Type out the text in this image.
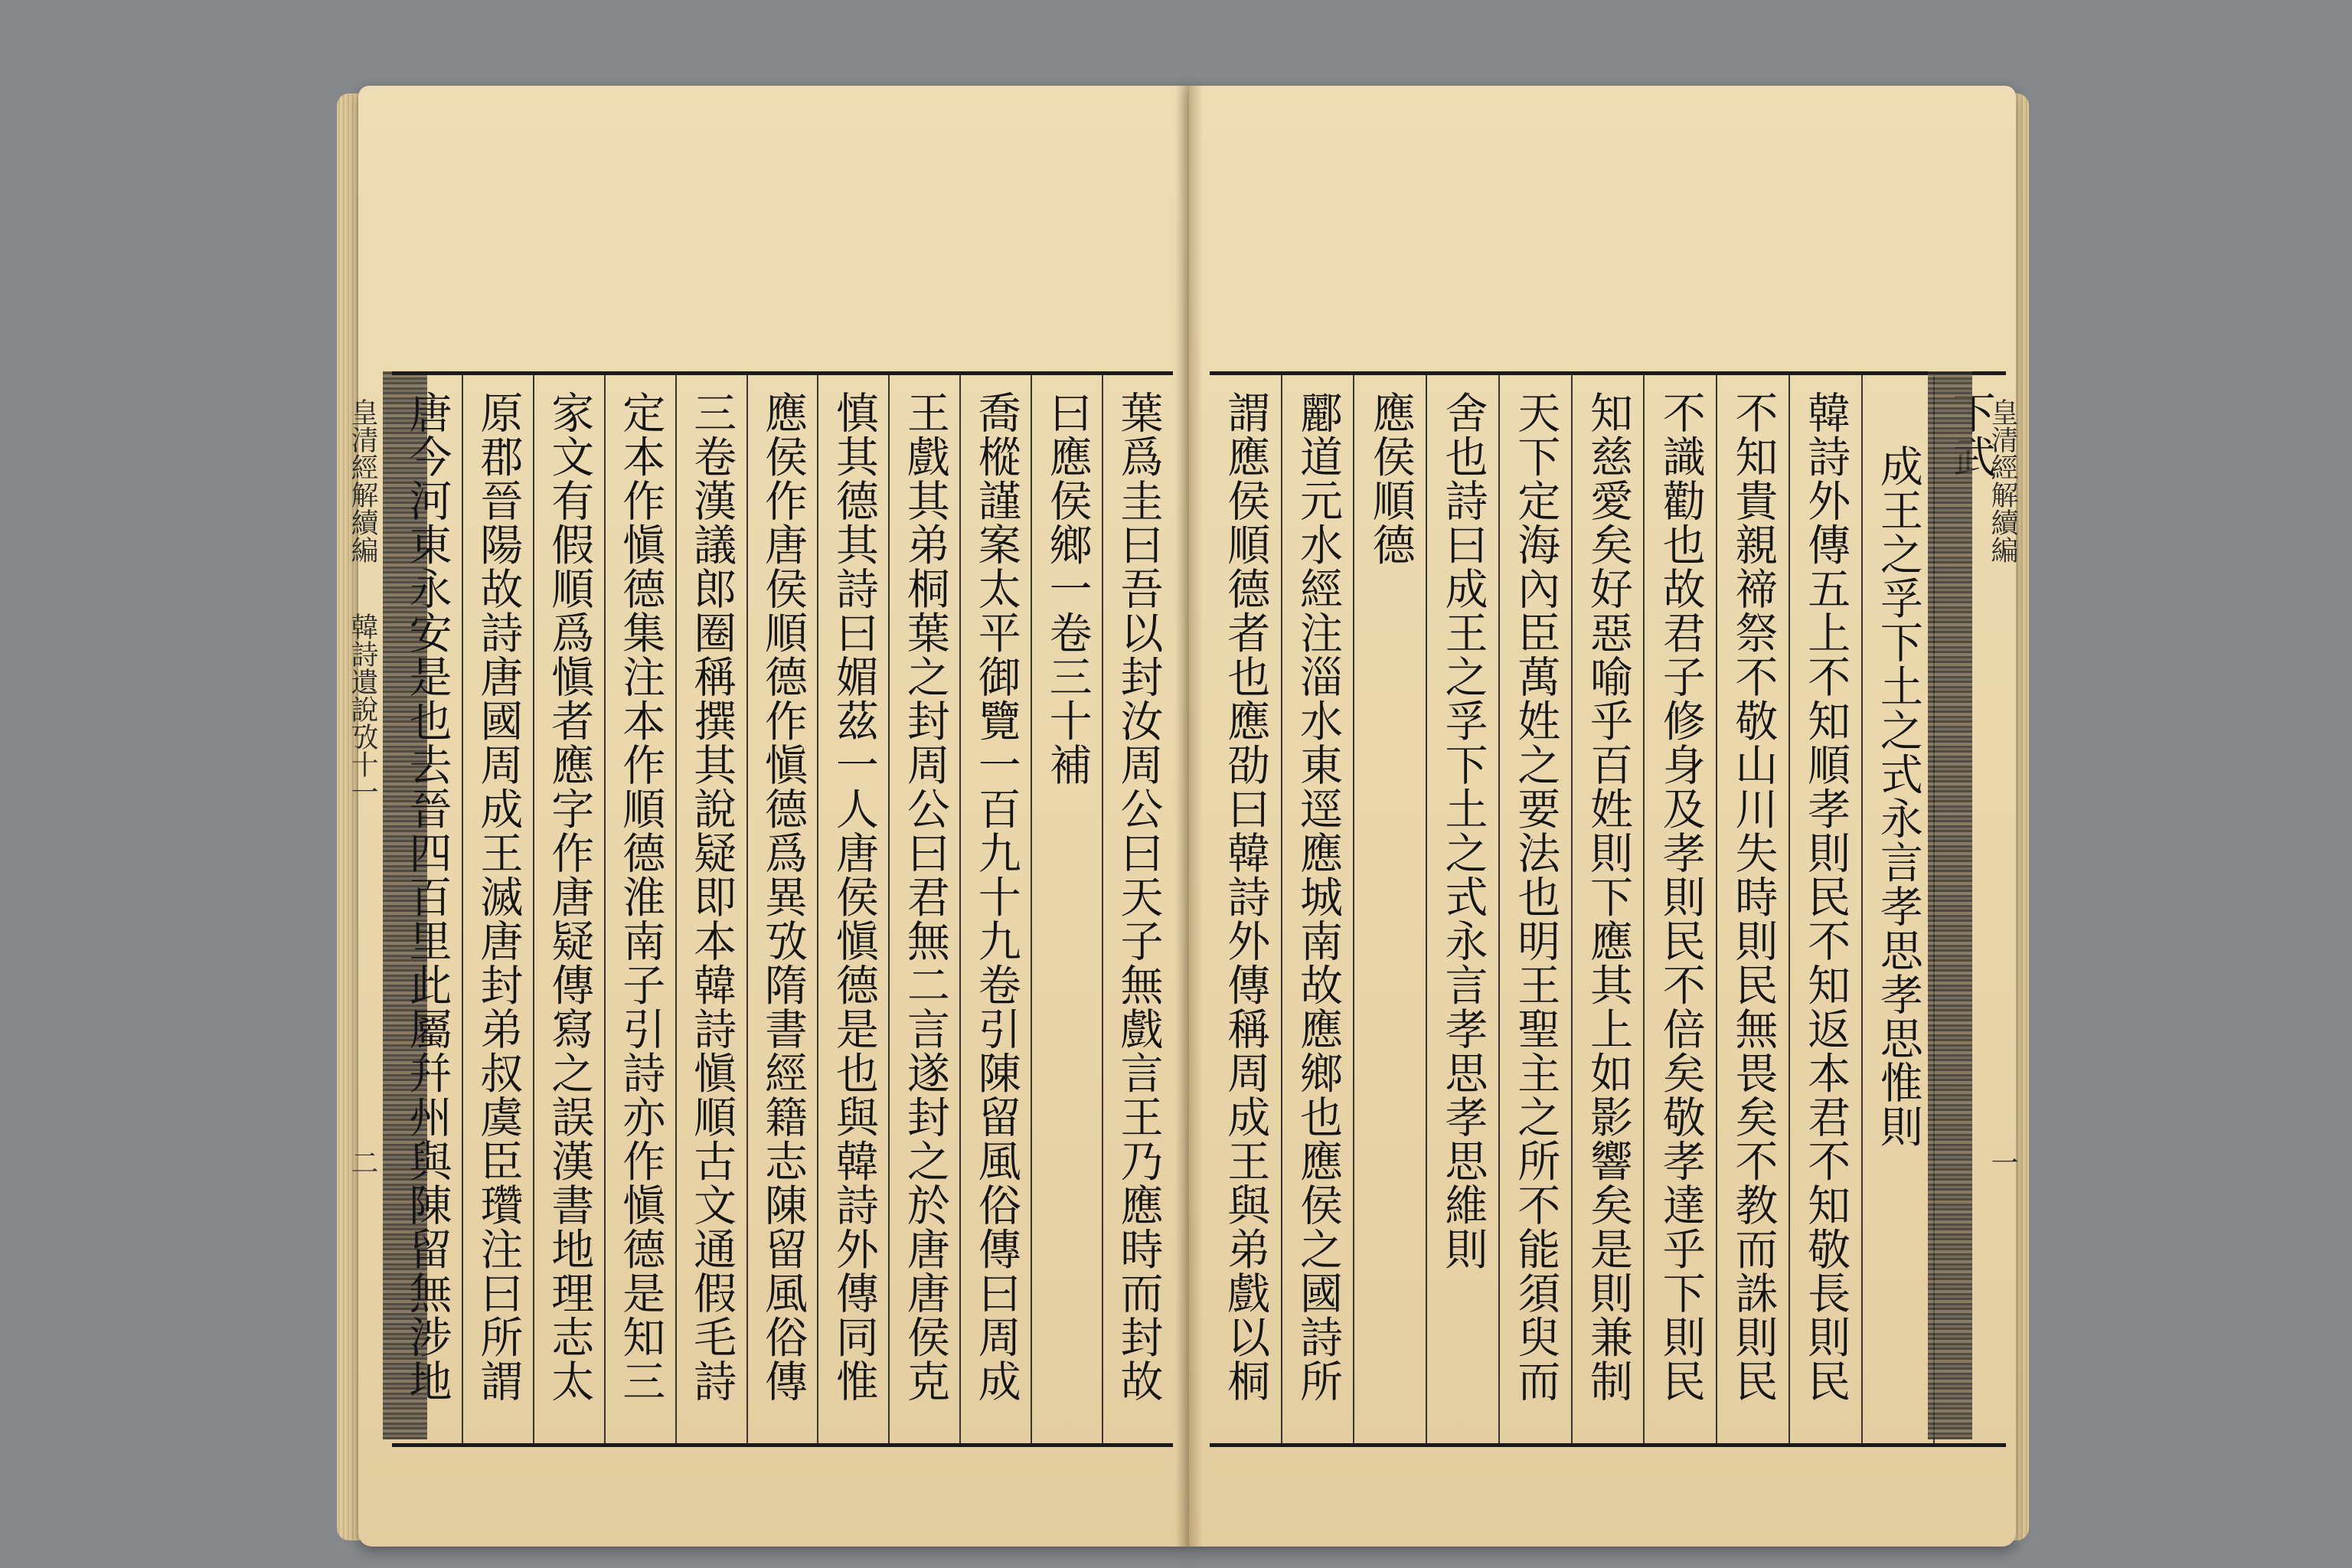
葉爲圭曰吾以封汝周公曰天子無戲言王乃應時而封故
曰應侯鄉一卷三十補
喬樅謹案太平御覽一百九十九卷引陳留風俗傳曰周成
王戲其弟桐葉之封周公曰君無二言遂封之於唐唐侯克
慎其德其詩曰媚茲一人唐侯愼德是也與韓詩外傳同惟
應侯作唐侯順德作愼德爲異攷隋書經籍志陳留風俗傳
三卷漢議郎圈稱撰其說疑即本韓詩愼順古文通假毛詩
定本作愼德集注本作順德淮南子引詩亦作愼德是知三
家文有假順爲愼者應字作唐疑傳寫之誤漢書地理志太
原郡晉陽故詩唐國周成王滅唐封弟叔虞臣瓚注曰所謂
唐今河東永安是也去晉四百里此屬幷州與陳留無涉地
皇清經解續編
韓詩遺說攷十一
二
成王之孚下土之式永言孝思孝思惟則
韓詩外傳五上不知順孝則民不知返本君不知敬長則民
不知貴親禘祭不敬山川失時則民無畏矣不教而誅則民
不識勸也故君子修身及孝則民不倍矣敬孝達乎下則民
知慈愛矣好惡喻乎百姓則下應其上如影響矣是則兼制
天下定海內臣萬姓之要法也明王聖主之所不能須臾而
舍也詩曰成王之孚下土之式永言孝思孝思維則
應侯順德
酈道元水經注淄水東逕應城南故應鄉也應侯之國詩所
謂應侯順德者也應劭曰韓詩外傳稱周成王與弟戲以桐	皇清經解續編
一
